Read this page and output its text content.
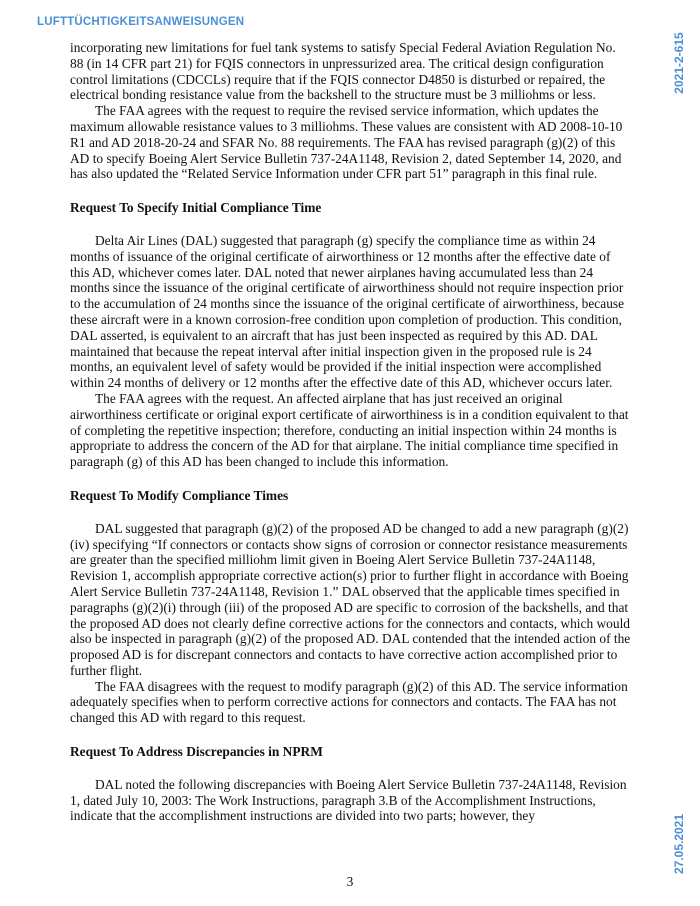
LUFTTÜCHTIGKEITSANWEISUNGEN
2021-2-615
27.05.2021

incorporating new limitations for fuel tank systems to satisfy Special Federal Aviation Regulation No. 88 (in 14 CFR part 21) for FQIS connectors in unpressurized area. The critical design configuration control limitations (CDCCLs) require that if the FQIS connector D4850 is disturbed or repaired, the electrical bonding resistance value from the backshell to the structure must be 3 milliohms or less.

The FAA agrees with the request to require the revised service information, which updates the maximum allowable resistance values to 3 milliohms. These values are consistent with AD 2008-10-10 R1 and AD 2018-20-24 and SFAR No. 88 requirements. The FAA has revised paragraph (g)(2) of this AD to specify Boeing Alert Service Bulletin 737-24A1148, Revision 2, dated September 14, 2020, and has also updated the “Related Service Information under CFR part 51” paragraph in this final rule.

Request To Specify Initial Compliance Time

Delta Air Lines (DAL) suggested that paragraph (g) specify the compliance time as within 24 months of issuance of the original certificate of airworthiness or 12 months after the effective date of this AD, whichever comes later. DAL noted that newer airplanes having accumulated less than 24 months since the issuance of the original certificate of airworthiness should not require inspection prior to the accumulation of 24 months since the issuance of the original certificate of airworthiness, because these aircraft were in a known corrosion-free condition upon completion of production. This condition, DAL asserted, is equivalent to an aircraft that has just been inspected as required by this AD. DAL maintained that because the repeat interval after initial inspection given in the proposed rule is 24 months, an equivalent level of safety would be provided if the initial inspection were accomplished within 24 months of delivery or 12 months after the effective date of this AD, whichever occurs later.

The FAA agrees with the request. An affected airplane that has just received an original airworthiness certificate or original export certificate of airworthiness is in a condition equivalent to that of completing the repetitive inspection; therefore, conducting an initial inspection within 24 months is appropriate to address the concern of the AD for that airplane. The initial compliance time specified in paragraph (g) of this AD has been changed to include this information.

Request To Modify Compliance Times

DAL suggested that paragraph (g)(2) of the proposed AD be changed to add a new paragraph (g)(2)(iv) specifying “If connectors or contacts show signs of corrosion or connector resistance measurements are greater than the specified milliohm limit given in Boeing Alert Service Bulletin 737-24A1148, Revision 1, accomplish appropriate corrective action(s) prior to further flight in accordance with Boeing Alert Service Bulletin 737-24A1148, Revision 1.” DAL observed that the applicable times specified in paragraphs (g)(2)(i) through (iii) of the proposed AD are specific to corrosion of the backshells, and that the proposed AD does not clearly define corrective actions for the connectors and contacts, which would also be inspected in paragraph (g)(2) of the proposed AD. DAL contended that the intended action of the proposed AD is for discrepant connectors and contacts to have corrective action accomplished prior to further flight.

The FAA disagrees with the request to modify paragraph (g)(2) of this AD. The service information adequately specifies when to perform corrective actions for connectors and contacts. The FAA has not changed this AD with regard to this request.

Request To Address Discrepancies in NPRM

DAL noted the following discrepancies with Boeing Alert Service Bulletin 737-24A1148, Revision 1, dated July 10, 2003: The Work Instructions, paragraph 3.B of the Accomplishment Instructions, indicate that the accomplishment instructions are divided into two parts; however, they

3
